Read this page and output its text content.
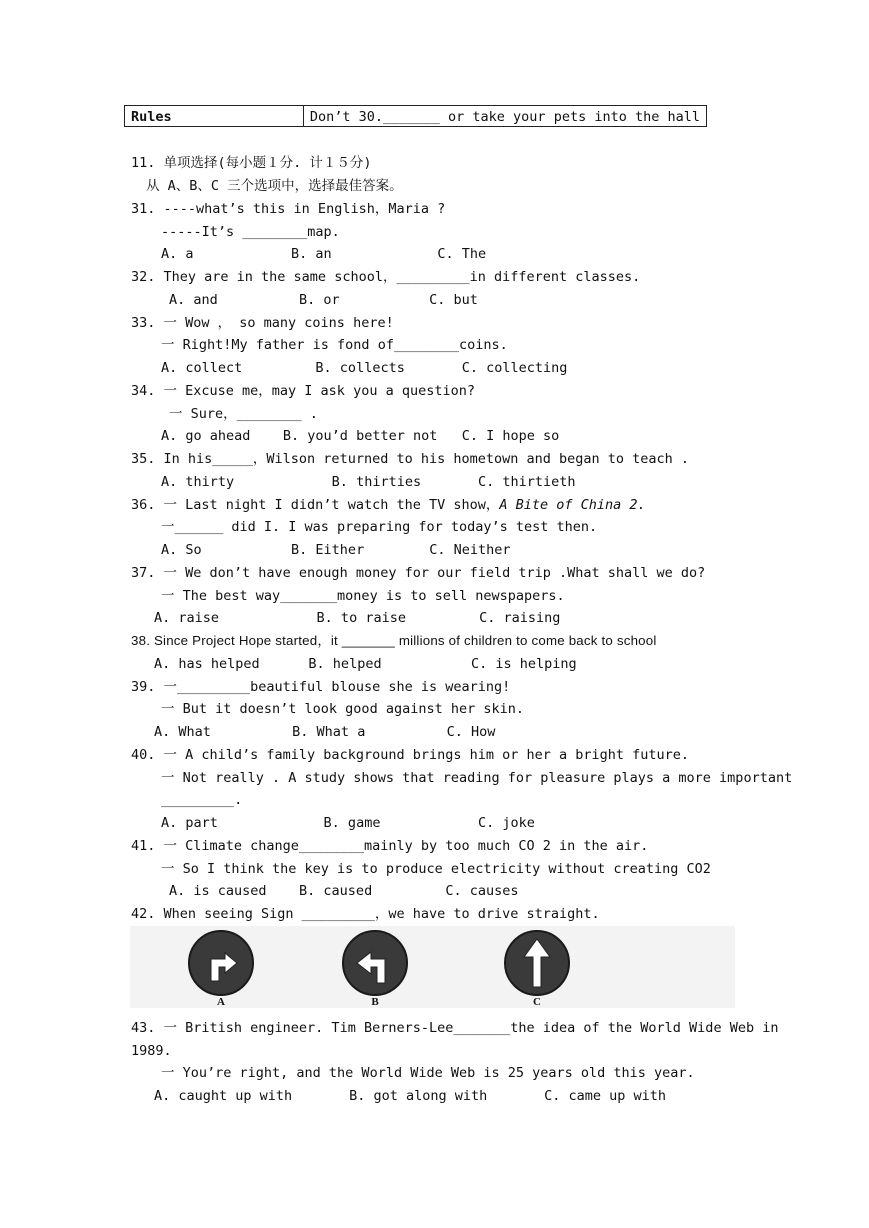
Rules	Don’t 30._______ or take your pets into the hall
11. 单项选择(每小题１分. 计１５分)
从 A、B、C 三个选项中，选择最佳答案。
31. ----what’s this in English，Maria ?
-----It’s ________map.
A. a            B. an             C. The
32. They are in the same school，_________in different classes.
A. and          B. or           C. but
33. 一 Wow ， so many coins here!
一 Right!My father is fond of________coins.
A. collect         B. collects       C. collecting
34. 一 Excuse me，may I ask you a question?
一 Sure，________ .
A. go ahead    B. you’d better not   C. I hope so
35. In his_____，Wilson returned to his hometown and began to teach .
A. thirty            B. thirties       C. thirtieth
36. 一 Last night I didn’t watch the TV show，A Bite of China 2.
一______ did I. I was preparing for today’s test then.
A. So           B. Either        C. Neither
37. 一 We don’t have enough money for our field trip .What shall we do?
一 The best way_______money is to sell newspapers.
A. raise            B. to raise         C. raising
38. Since Project Hope started，it _______ millions of children to come back to school
A. has helped      B. helped           C. is helping
39. 一_________beautiful blouse she is wearing!
一 But it doesn’t look good against her skin.
A. What          B. What a          C. How
40. 一 A child’s family background brings him or her a bright future.
一 Not really . A study shows that reading for pleasure plays a more important
_________.
A. part             B. game            C. joke
41. 一 Climate change________mainly by too much CO 2 in the air.
一 So I think the key is to produce electricity without creating CO2
A. is caused    B. caused         C. causes
42. When seeing Sign _________，we have to drive straight.
43. 一 British engineer. Tim Berners-Lee_______the idea of the World Wide Web in
1989.
一 You’re right, and the World Wide Web is 25 years old this year.
A. caught up with       B. got along with       C. came up with
A	B	C
